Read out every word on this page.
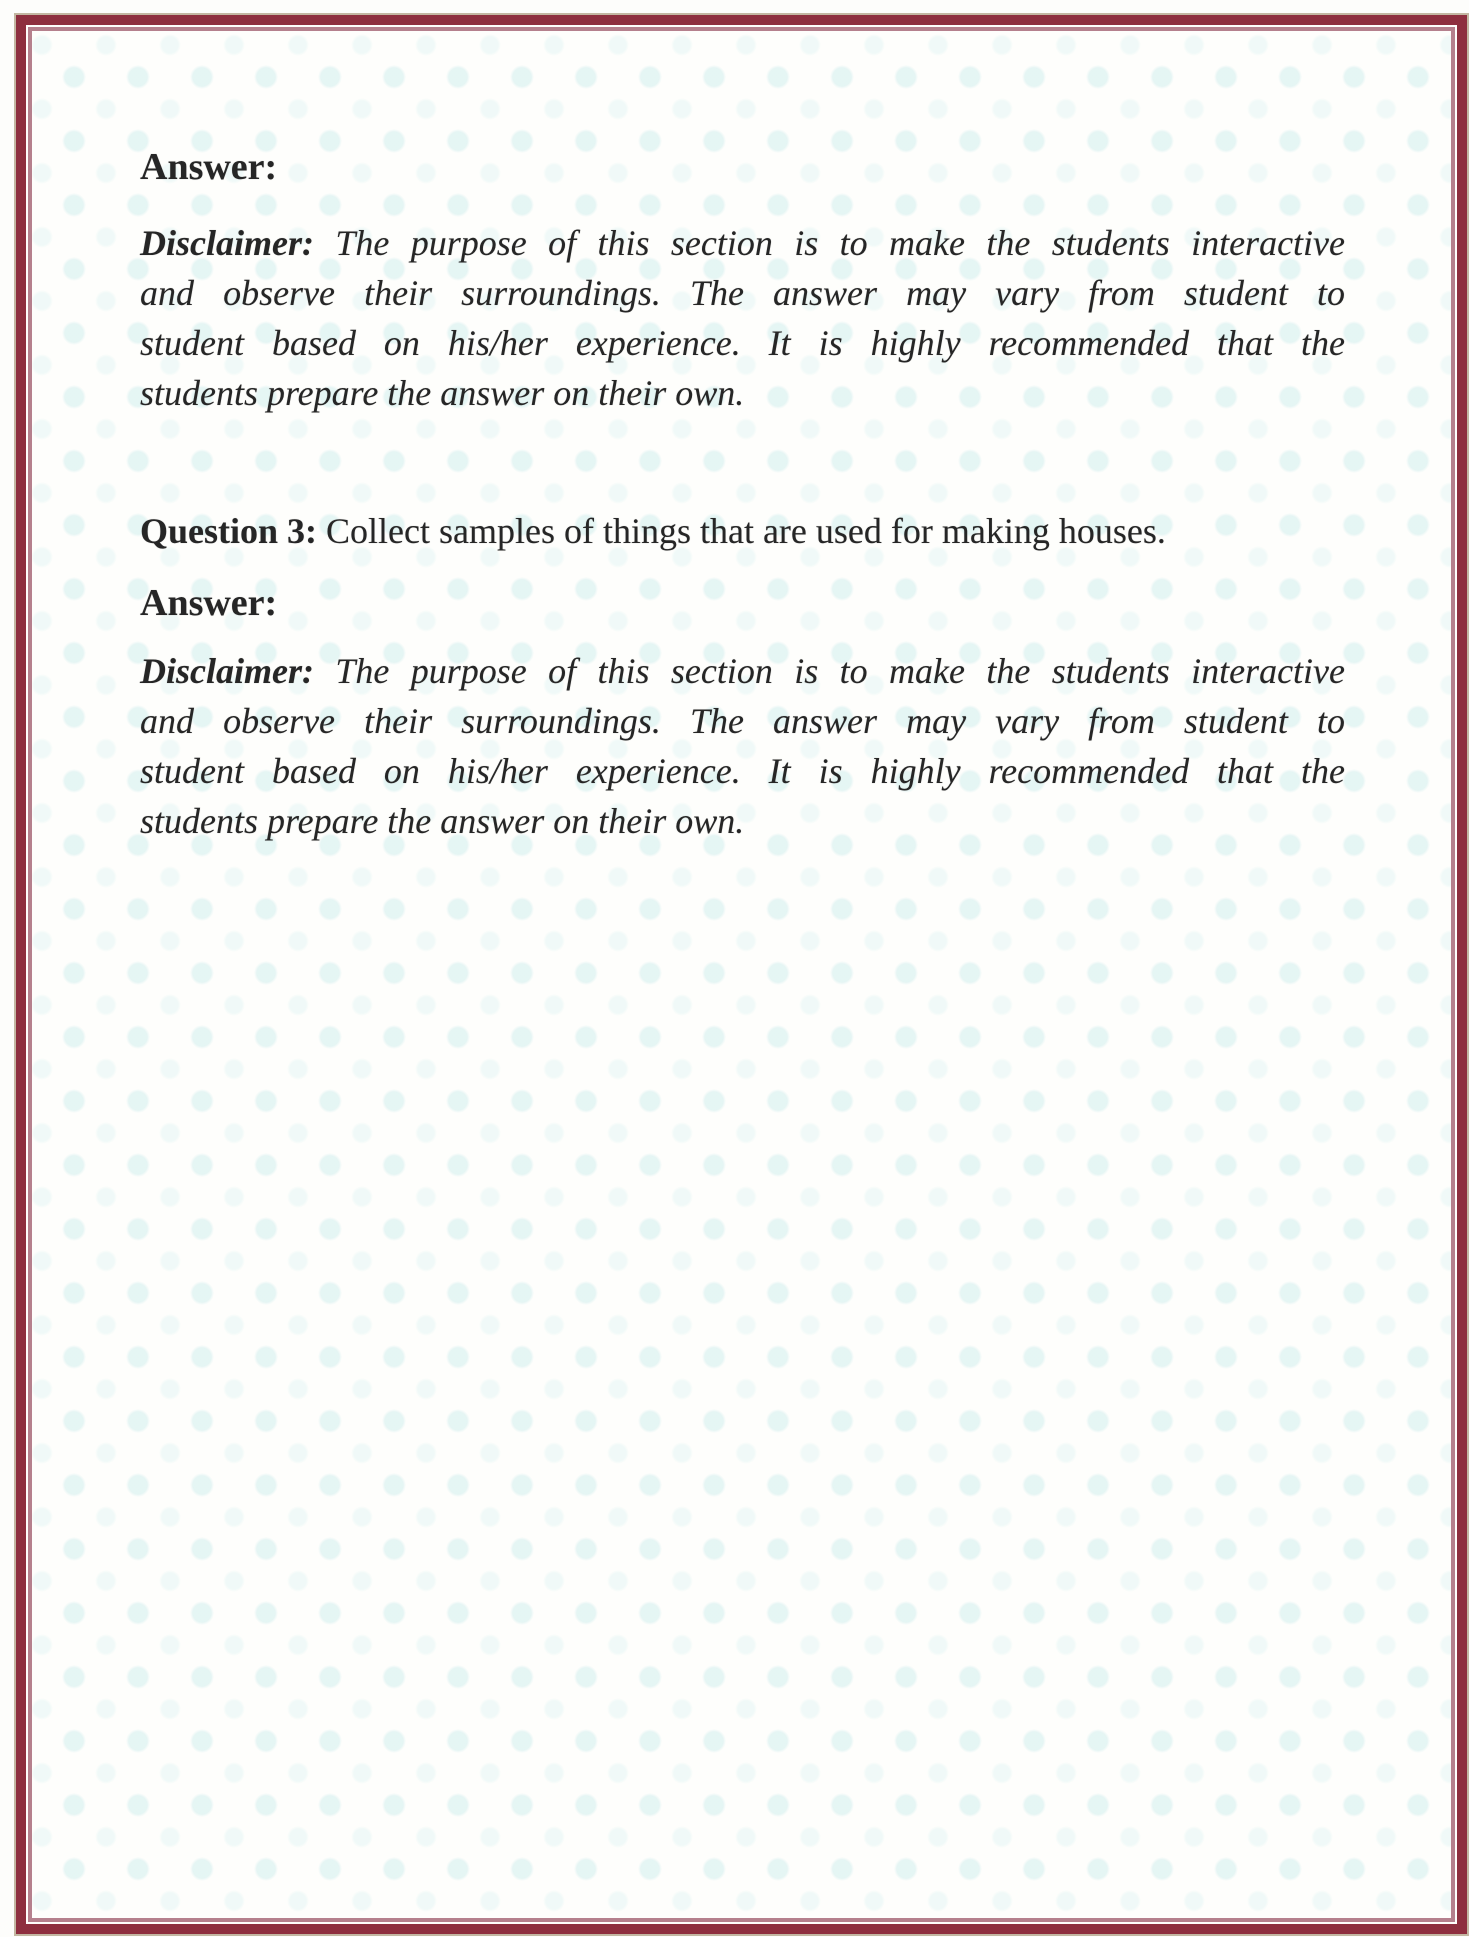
Answer:
Disclaimer: The purpose of this section is to make the students interactive
and observe their surroundings. The answer may vary from student to
student based on his/her experience. It is highly recommended that the
students prepare the answer on their own.
Question 3: Collect samples of things that are used for making houses.
Answer:
Disclaimer: The purpose of this section is to make the students interactive
and observe their surroundings. The answer may vary from student to
student based on his/her experience. It is highly recommended that the
students prepare the answer on their own.
